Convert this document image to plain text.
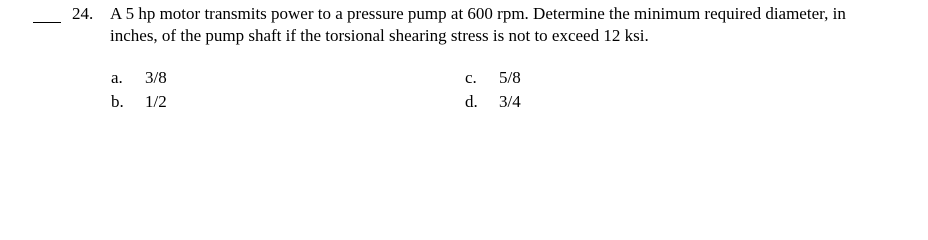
24. A 5 hp motor transmits power to a pressure pump at 600 rpm. Determine the minimum required diameter, in
inches, of the pump shaft if the torsional shearing stress is not to exceed 12 ksi.
a. 3/8
b. 1/2
c. 5/8
d. 3/4
